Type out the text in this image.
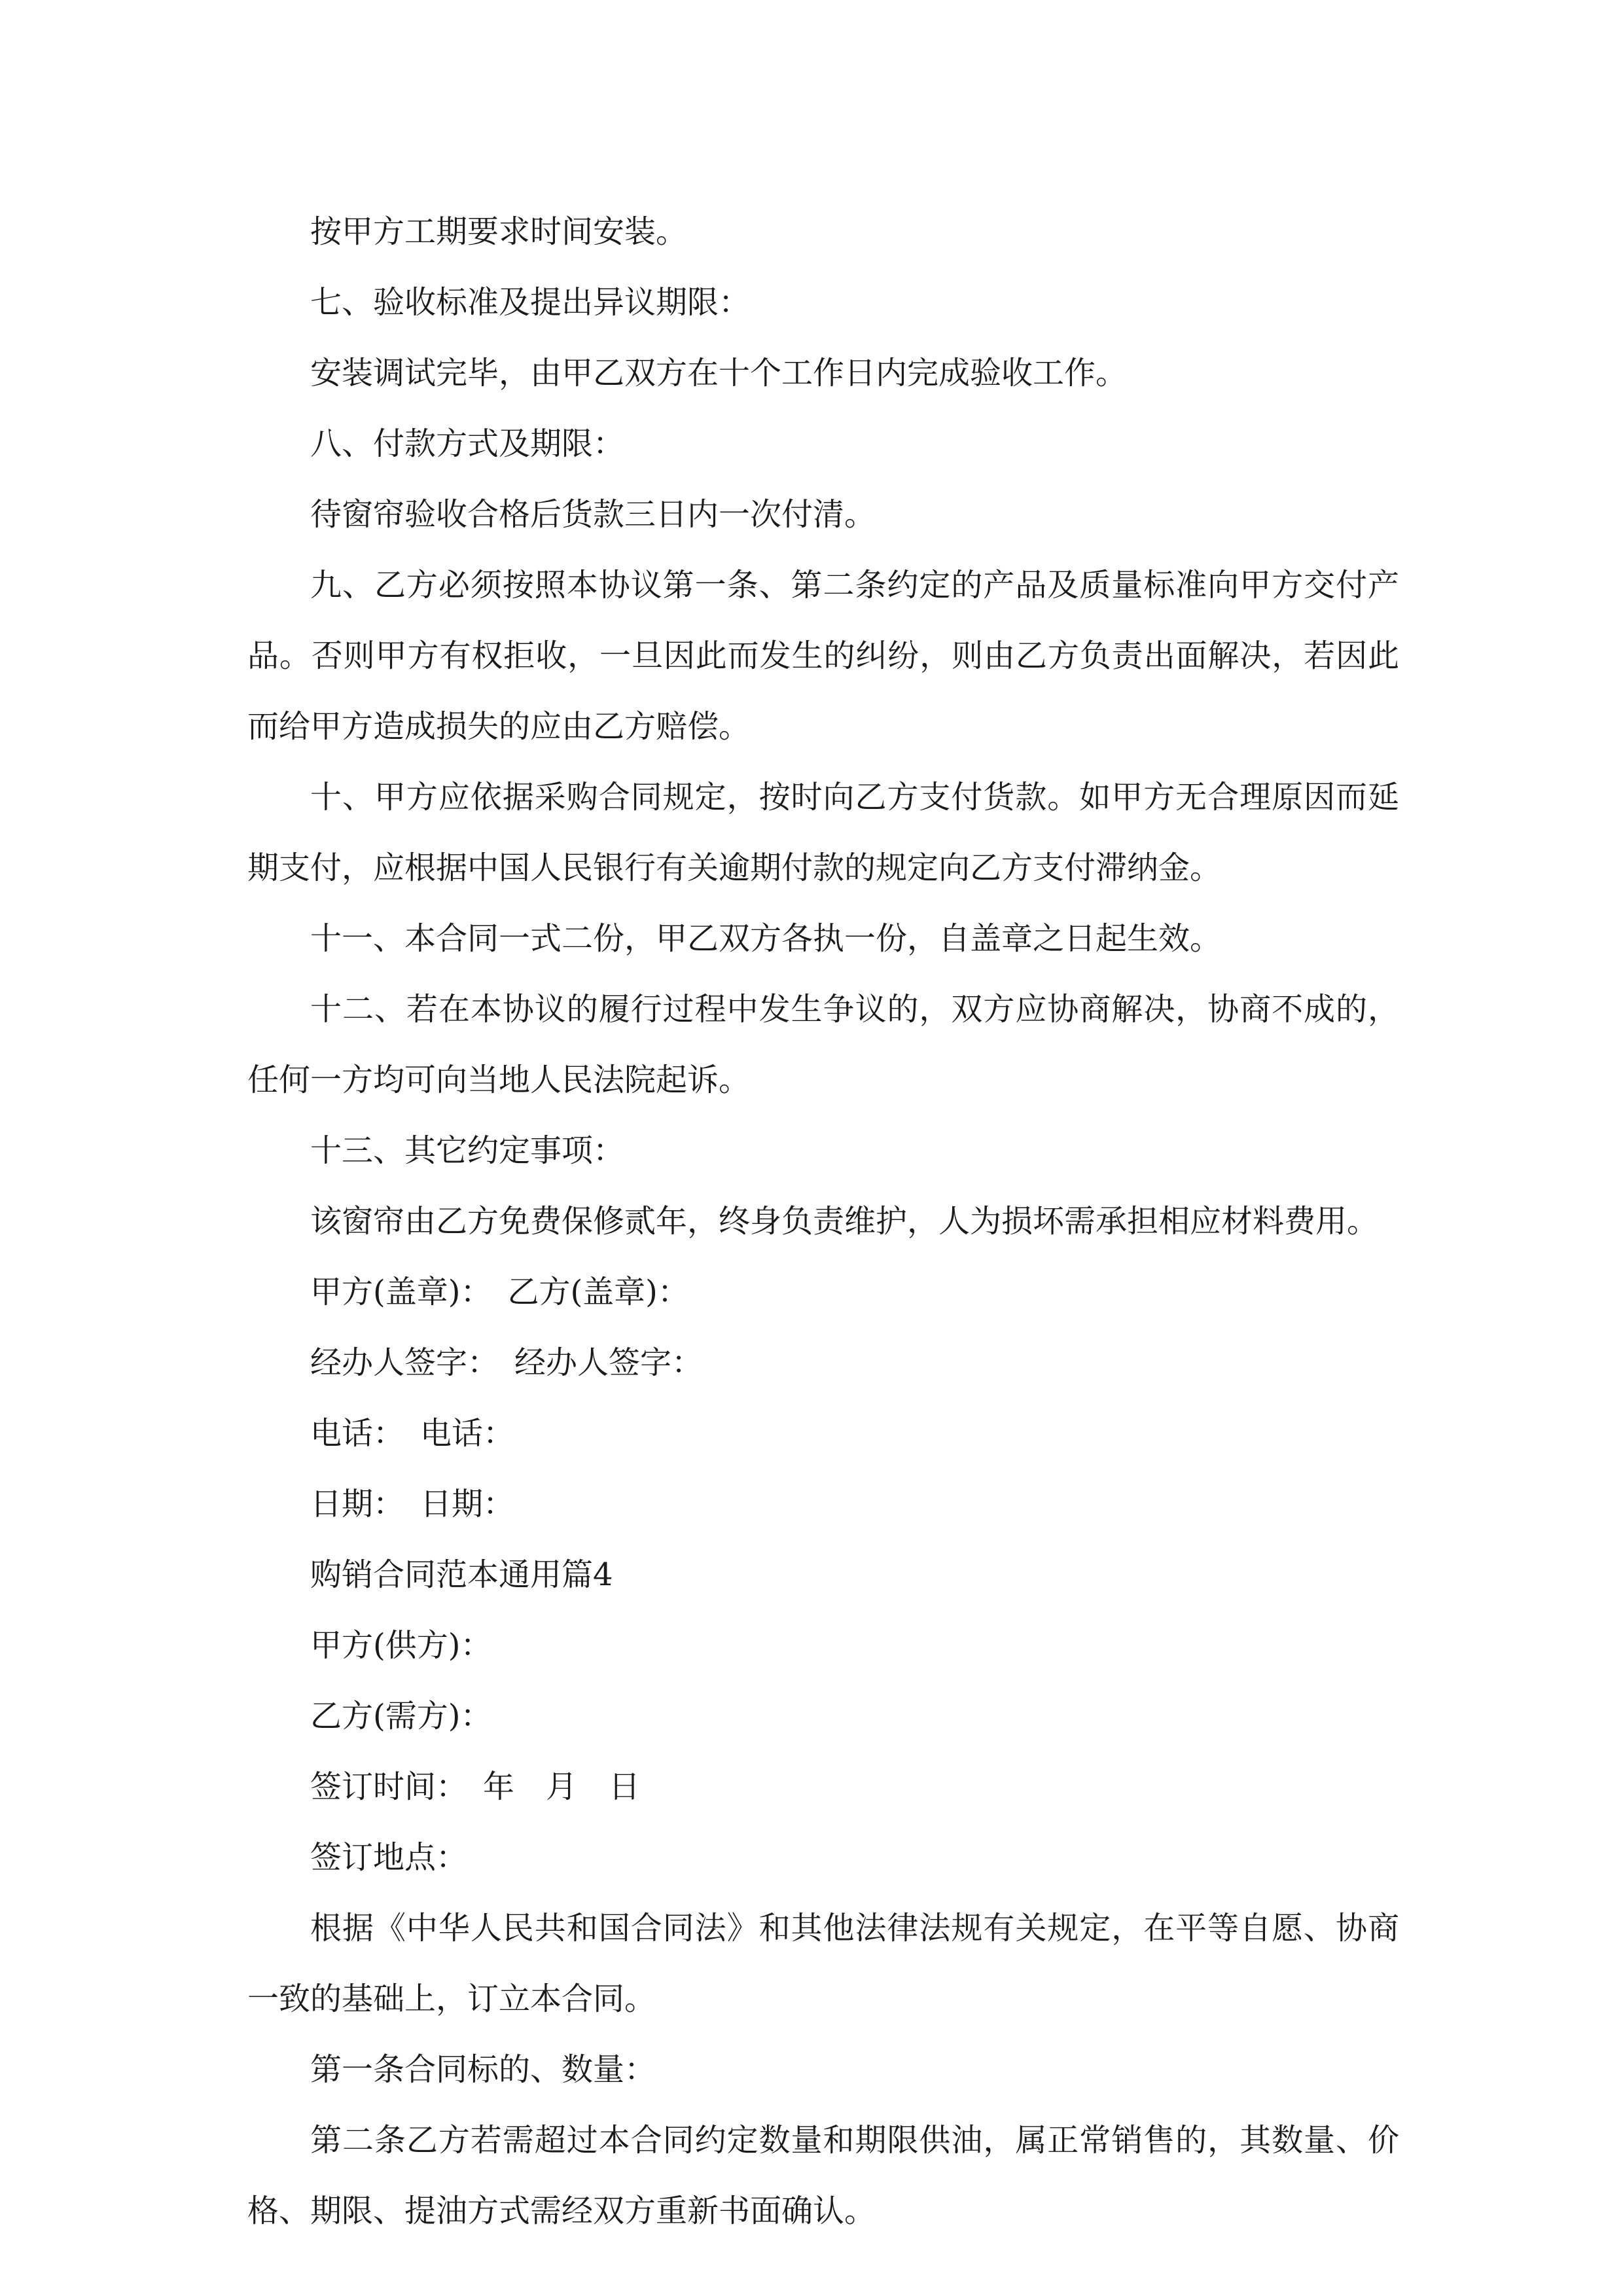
按甲方工期要求时间安装。

七、验收标准及提出异议期限：

安装调试完毕，由甲乙双方在十个工作日内完成验收工作。

八、付款方式及期限：

待窗帘验收合格后货款三日内一次付清。

九、乙方必须按照本协议第一条、第二条约定的产品及质量标准向甲方交付产品。否则甲方有权拒收，一旦因此而发生的纠纷，则由乙方负责出面解决，若因此而给甲方造成损失的应由乙方赔偿。

十、甲方应依据采购合同规定，按时向乙方支付货款。如甲方无合理原因而延期支付，应根据中国人民银行有关逾期付款的规定向乙方支付滞纳金。

十一、本合同一式二份，甲乙双方各执一份，自盖章之日起生效。

十二、若在本协议的履行过程中发生争议的，双方应协商解决，协商不成的，任何一方均可向当地人民法院起诉。

十三、其它约定事项：

该窗帘由乙方免费保修贰年，终身负责维护，人为损坏需承担相应材料费用。

甲方(盖章)：　乙方(盖章)：

经办人签字：　经办人签字：

电话：　电话：

日期：　日期：

购销合同范本通用篇4

甲方(供方)：

乙方(需方)：

签订时间：　年　月　日

签订地点：

根据《中华人民共和国合同法》和其他法律法规有关规定，在平等自愿、协商一致的基础上，订立本合同。

第一条合同标的、数量：

第二条乙方若需超过本合同约定数量和期限供油，属正常销售的，其数量、价格、期限、提油方式需经双方重新书面确认。
